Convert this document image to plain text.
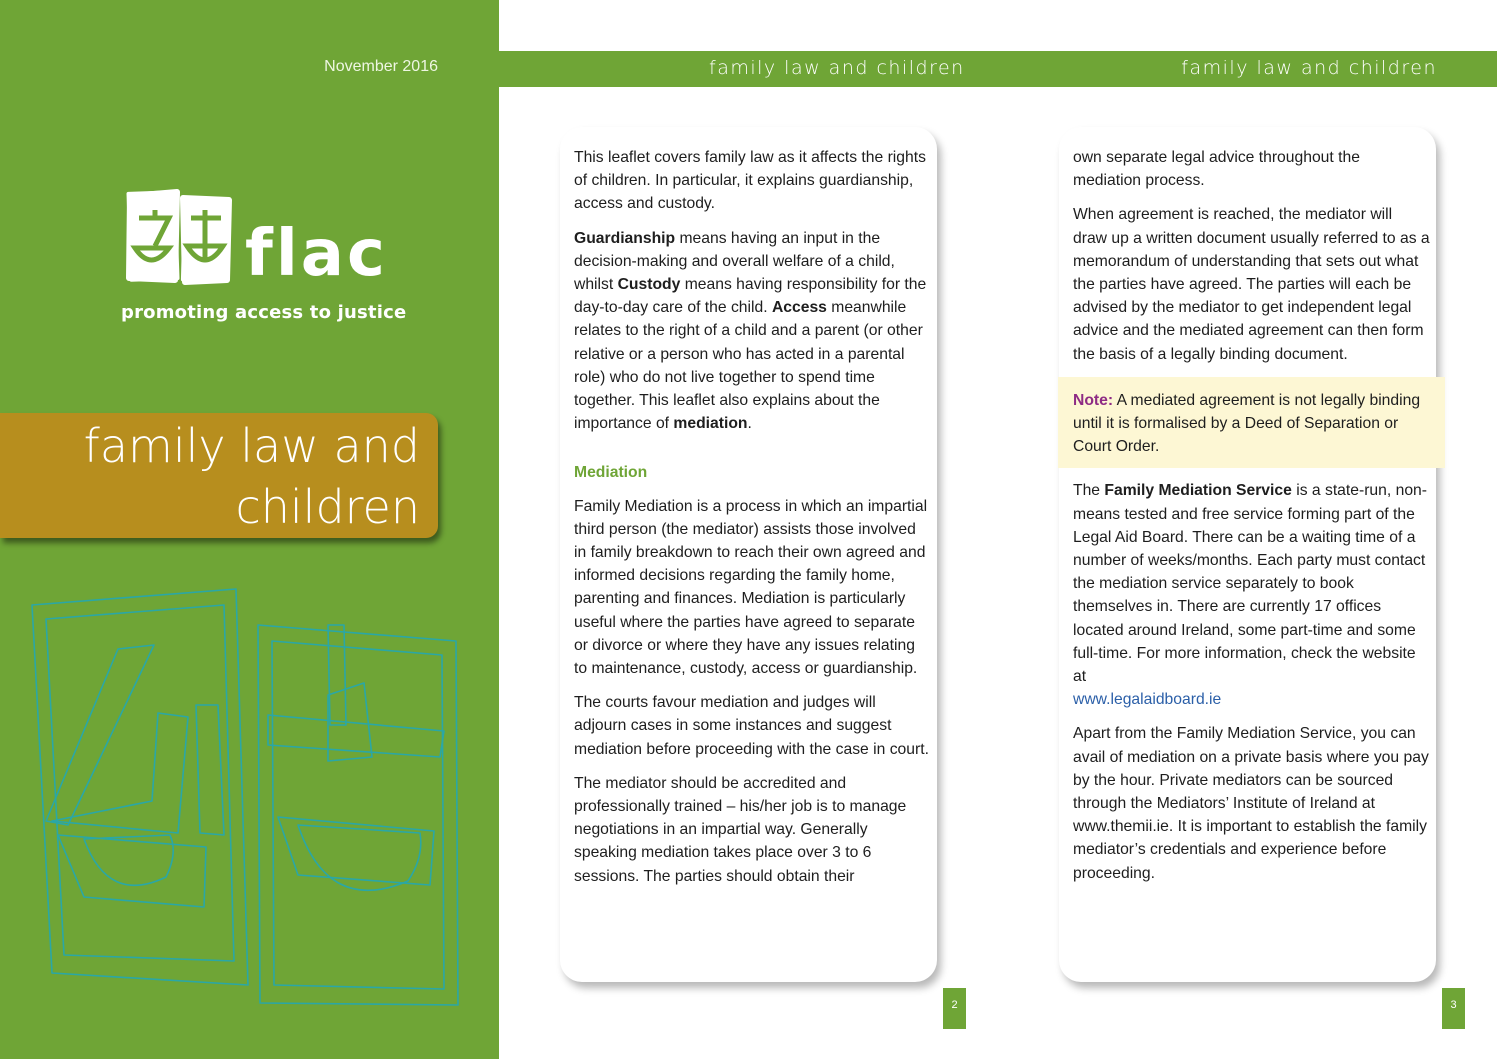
November 2016
flac
promoting access to justice
family law and
children
family law and children	family law and children

This leaflet covers family law as it affects the rights of children. In particular, it explains guardianship, access and custody.

Guardianship means having an input in the decision-making and overall welfare of a child, whilst Custody means having responsibility for the day-to-day care of the child. Access meanwhile relates to the right of a child and a parent (or other relative or a person who has acted in a parental role) who do not live together to spend time together. This leaflet also explains about the importance of mediation.

Mediation

Family Mediation is a process in which an impartial third person (the mediator) assists those involved in family breakdown to reach their own agreed and informed decisions regarding the family home, parenting and finances. Mediation is particularly useful where the parties have agreed to separate or divorce or where they have any issues relating to maintenance, custody, access or guardianship.

The courts favour mediation and judges will adjourn cases in some instances and suggest mediation before proceeding with the case in court.

The mediator should be accredited and professionally trained – his/her job is to manage negotiations in an impartial way. Generally speaking mediation takes place over 3 to 6 sessions. The parties should obtain their

own separate legal advice throughout the mediation process.

When agreement is reached, the mediator will draw up a written document usually referred to as a memorandum of understanding that sets out what the parties have agreed. The parties will each be advised by the mediator to get independent legal advice and the mediated agreement can then form the basis of a legally binding document.

Note: A mediated agreement is not legally binding until it is formalised by a Deed of Separation or Court Order.

The Family Mediation Service is a state-run, non-means tested and free service forming part of the Legal Aid Board. There can be a waiting time of a number of weeks/months. Each party must contact the mediation service separately to book themselves in. There are currently 17 offices located around Ireland, some part-time and some full-time. For more information, check the website at
www.legalaidboard.ie

Apart from the Family Mediation Service, you can avail of mediation on a private basis where you pay by the hour. Private mediators can be sourced through the Mediators’ Institute of Ireland at www.themii.ie. It is important to establish the family mediator’s credentials and experience before proceeding.

2	3
